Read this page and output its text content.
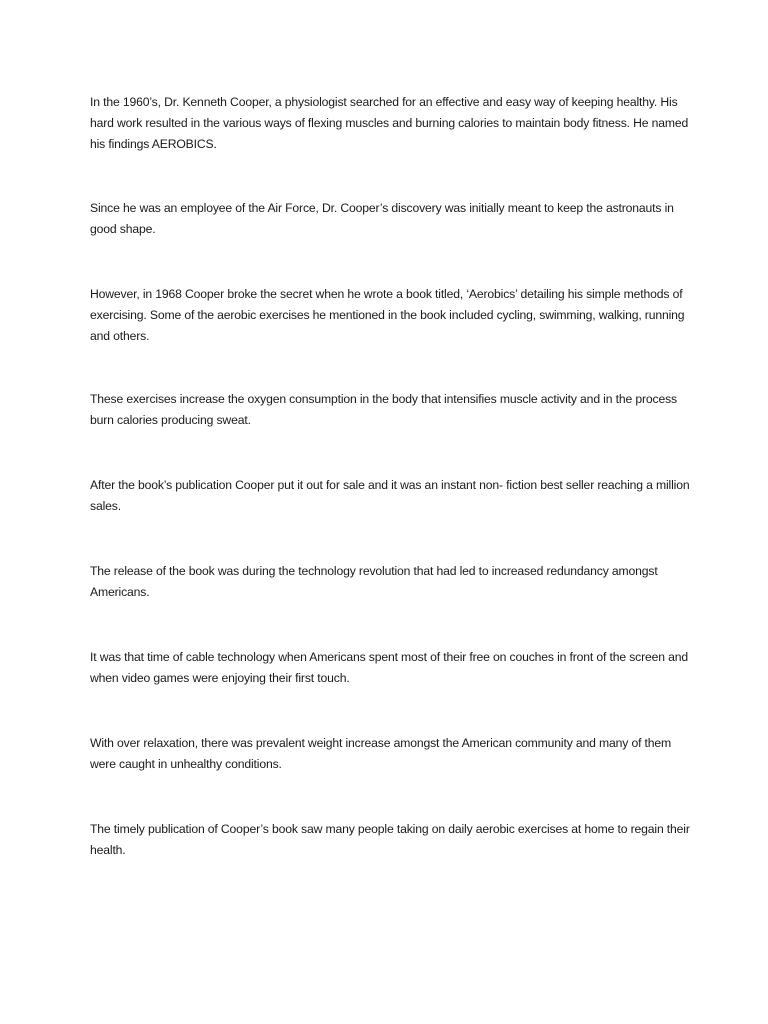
In the 1960’s, Dr. Kenneth Cooper, a physiologist searched for an effective and easy way of keeping healthy. His hard work resulted in the various ways of flexing muscles and burning calories to maintain body fitness. He named his findings AEROBICS.

Since he was an employee of the Air Force, Dr. Cooper’s discovery was initially meant to keep the astronauts in good shape.

However, in 1968 Cooper broke the secret when he wrote a book titled, ‘Aerobics’ detailing his simple methods of exercising. Some of the aerobic exercises he mentioned in the book included cycling, swimming, walking, running and others.

These exercises increase the oxygen consumption in the body that intensifies muscle activity and in the process burn calories producing sweat.

After the book’s publication Cooper put it out for sale and it was an instant non- fiction best seller reaching a million sales.

The release of the book was during the technology revolution that had led to increased redundancy amongst Americans.

It was that time of cable technology when Americans spent most of their free on couches in front of the screen and when video games were enjoying their first touch.

With over relaxation, there was prevalent weight increase amongst the American community and many of them were caught in unhealthy conditions.

The timely publication of Cooper’s book saw many people taking on daily aerobic exercises at home to regain their health.
